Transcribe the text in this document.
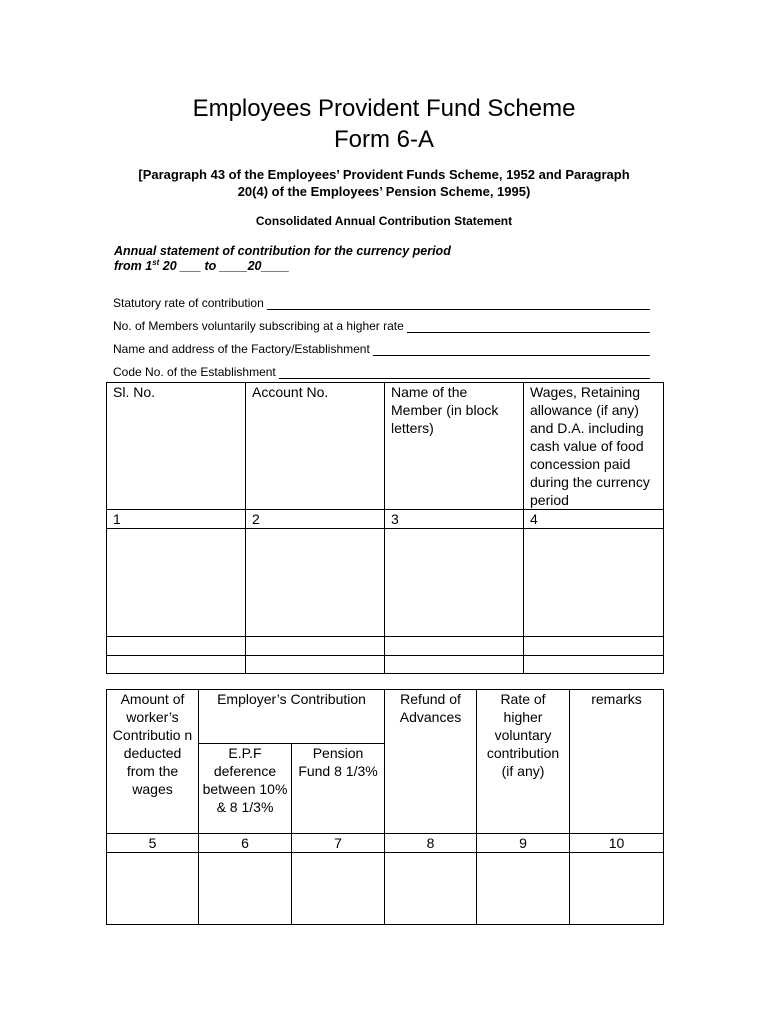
Employees Provident Fund Scheme
Form 6-A
[Paragraph 43 of the Employees’ Provident Funds Scheme, 1952 and Paragraph
20(4) of the Employees’ Pension Scheme, 1995)
Consolidated Annual Contribution Statement
Annual statement of contribution for the currency period
from 1st 20 ___ to ____20____
Statutory rate of contribution
No. of Members voluntarily subscribing at a higher rate
Name and address of the Factory/Establishment
Code No. of the Establishment
Sl. No.	Account No.	Name of the Member (in block letters)	Wages, Retaining allowance (if any) and D.A. including cash value of food concession paid during the currency period
1	2	3	4

Amount of worker’s Contributio n deducted from the wages	Employer’s Contribution		Refund of Advances	Rate of higher voluntary contribution (if any)	remarks
	E.P.F deference between 10% & 8 1/3%	Pension Fund 8 1/3%			
5	6	7	8	9	10
